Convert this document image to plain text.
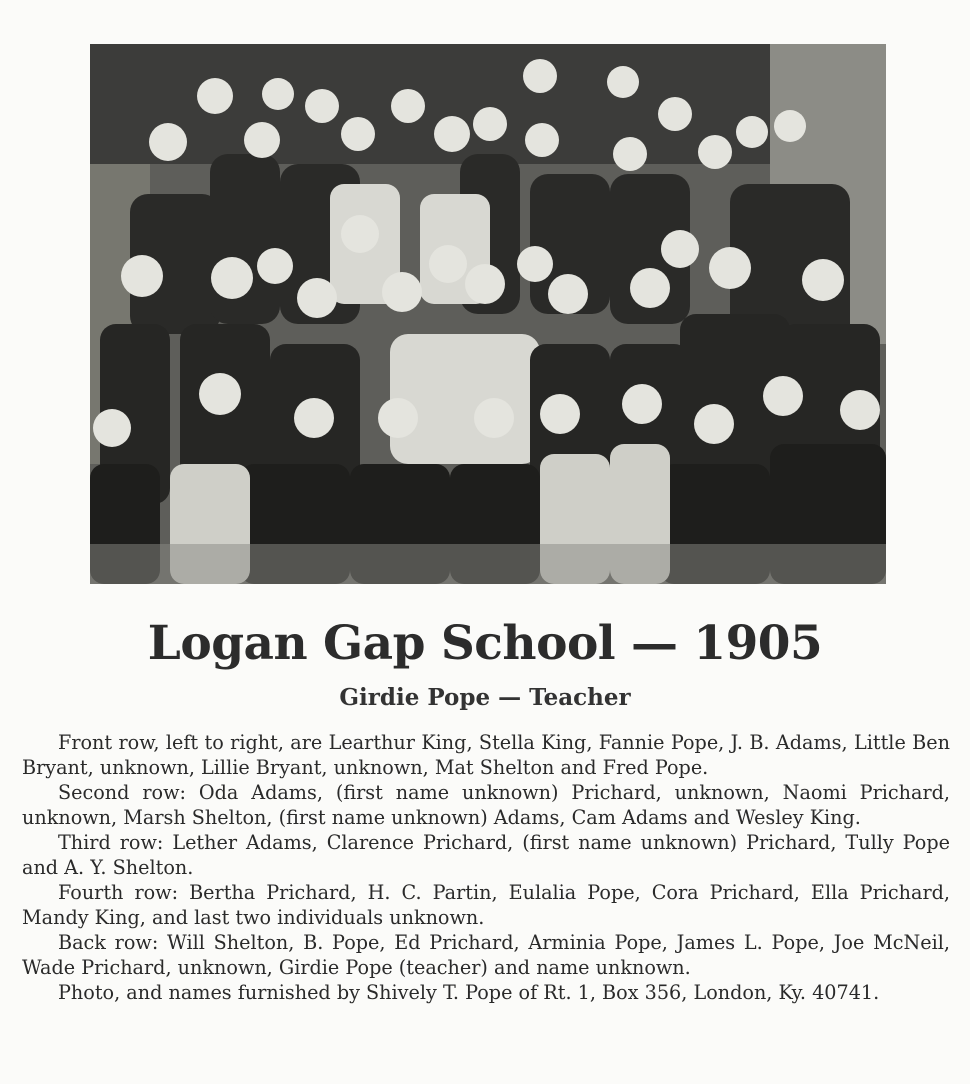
Logan Gap School — 1905
Girdie Pope — Teacher

Front row, left to right, are Learthur King, Stella King, Fannie Pope, J. B. Adams, Little Ben Bryant, unknown, Lillie Bryant, unknown, Mat Shelton and Fred Pope.

Second row: Oda Adams, (first name unknown) Prichard, unknown, Naomi Prichard, unknown, Marsh Shelton, (first name unknown) Adams, Cam Adams and Wesley King.

Third row: Lether Adams, Clarence Prichard, (first name unknown) Prichard, Tully Pope and A. Y. Shelton.

Fourth row: Bertha Prichard, H. C. Partin, Eulalia Pope, Cora Prichard, Ella Prichard, Mandy King, and last two individuals unknown.

Back row: Will Shelton, B. Pope, Ed Prichard, Arminia Pope, James L. Pope, Joe McNeil, Wade Prichard, unknown, Girdie Pope (teacher) and name unknown.

Photo, and names furnished by Shively T. Pope of Rt. 1, Box 356, London, Ky. 40741.
